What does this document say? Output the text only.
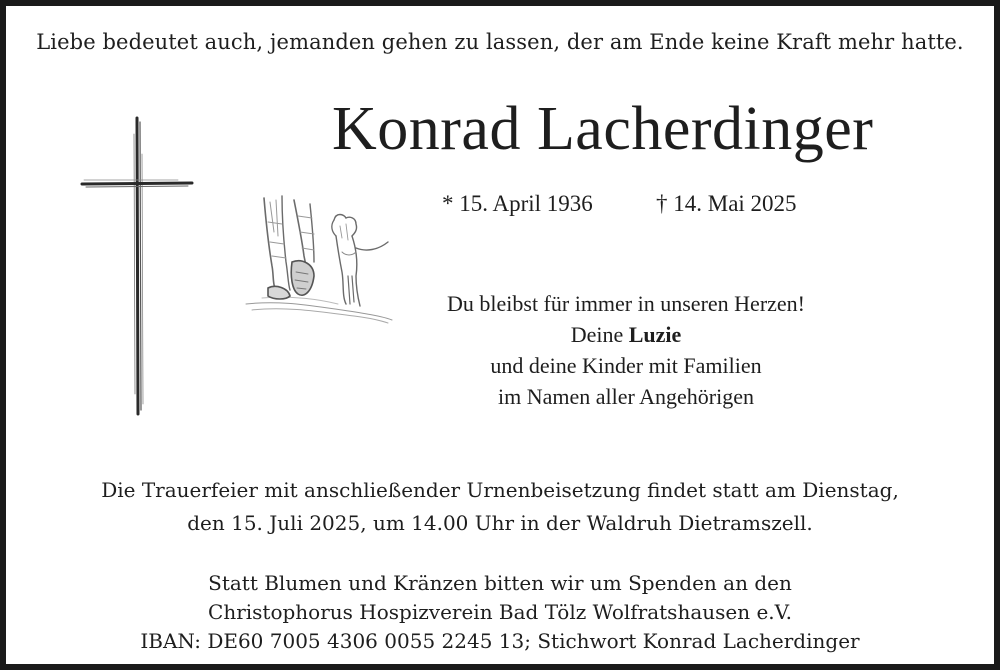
Liebe bedeutet auch, jemanden gehen zu lassen, der am Ende keine Kraft mehr hatte.
Konrad Lacherdinger
* 15. April 1936	† 14. Mai 2025
Du bleibst für immer in unseren Herzen!
Deine Luzie
und deine Kinder mit Familien
im Namen aller Angehörigen
Die Trauerfeier mit anschließender Urnenbeisetzung findet statt am Dienstag,
den 15. Juli 2025, um 14.00 Uhr in der Waldruh Dietramszell.
Statt Blumen und Kränzen bitten wir um Spenden an den
Christophorus Hospizverein Bad Tölz Wolfratshausen e.V.
IBAN: DE60 7005 4306 0055 2245 13; Stichwort Konrad Lacherdinger
